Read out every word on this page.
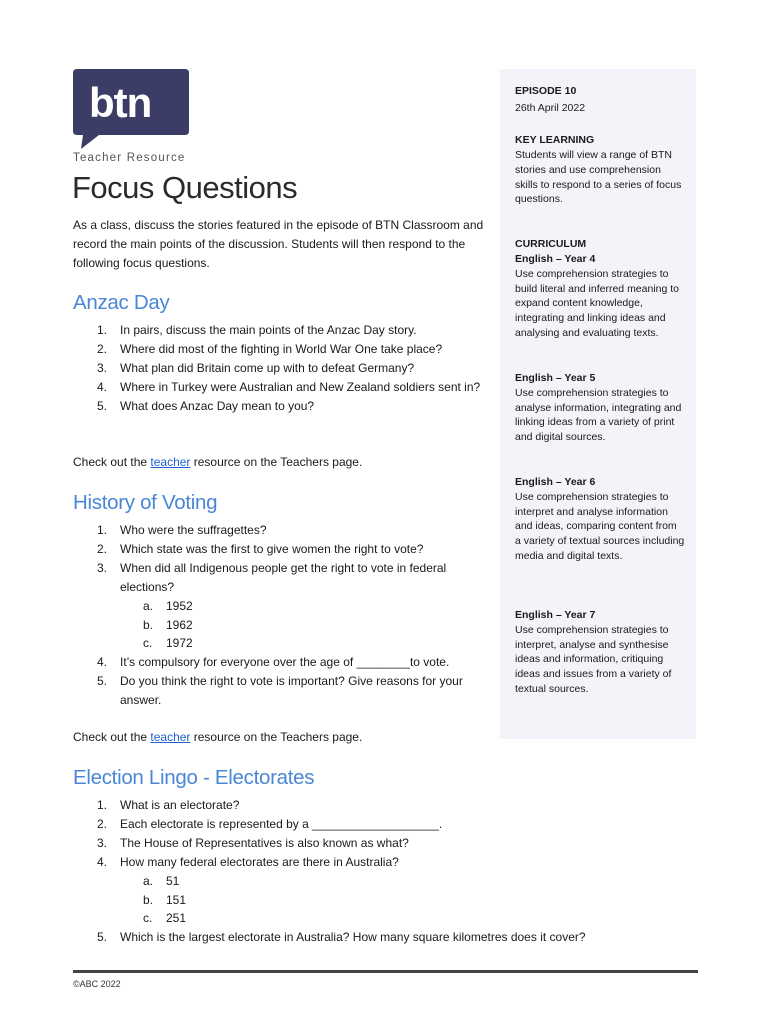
btn
Teacher Resource
Focus Questions

As a class, discuss the stories featured in the episode of BTN Classroom and record the main points of the discussion. Students will then respond to the following focus questions.

Anzac Day
1. In pairs, discuss the main points of the Anzac Day story.
2. Where did most of the fighting in World War One take place?
3. What plan did Britain come up with to defeat Germany?
4. Where in Turkey were Australian and New Zealand soldiers sent in?
5. What does Anzac Day mean to you?

Check out the teacher resource on the Teachers page.

History of Voting
1. Who were the suffragettes?
2. Which state was the first to give women the right to vote?
3. When did all Indigenous people get the right to vote in federal elections?
a. 1952
b. 1962
c. 1972
4. It’s compulsory for everyone over the age of ________to vote.
5. Do you think the right to vote is important? Give reasons for your answer.

Check out the teacher resource on the Teachers page.

Election Lingo - Electorates
1. What is an electorate?
2. Each electorate is represented by a ___________________.
3. The House of Representatives is also known as what?
4. How many federal electorates are there in Australia?
a. 51
b. 151
c. 251
5. Which is the largest electorate in Australia? How many square kilometres does it cover?

EPISODE 10

26th April 2022

KEY LEARNING

Students will view a range of BTN stories and use comprehension skills to respond to a series of focus questions.

CURRICULUM

English – Year 4
Use comprehension strategies to build literal and inferred meaning to expand content knowledge, integrating and linking ideas and analysing and evaluating texts.
English – Year 5
Use comprehension strategies to analyse information, integrating and linking ideas from a variety of print and digital sources.
English – Year 6
Use comprehension strategies to interpret and analyse information and ideas, comparing content from a variety of textual sources including media and digital texts.
English – Year 7
Use comprehension strategies to interpret, analyse and synthesise ideas and information, critiquing ideas and issues from a variety of textual sources.
©ABC 2022
